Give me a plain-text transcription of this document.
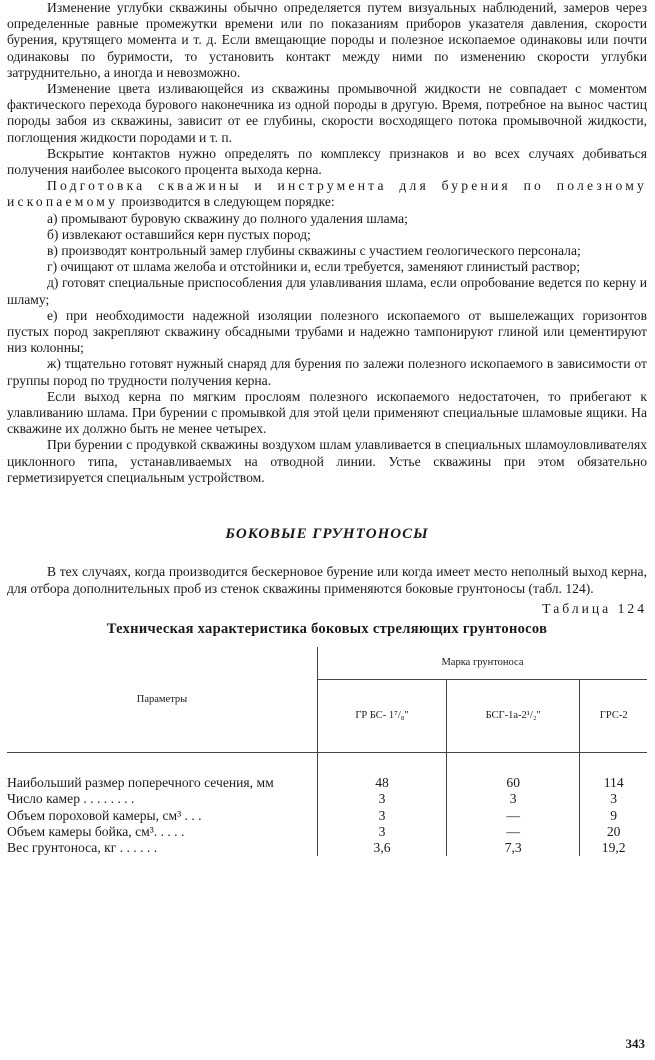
Изменение углубки скважины обычно определяется путем визуальных наблюдений, замеров через определенные равные промежутки времени или по показаниям приборов указателя давления, скорости бурения, крутящего момента и т. д. Если вмещающие породы и полезное ископаемое одинаковы или почти одинаковы по буримости, то установить контакт между ними по изменению скорости углубки затруднительно, а иногда и невозможно.

Изменение цвета изливающейся из скважины промывочной жидкости не совпадает с моментом фактического перехода бурового наконечника из одной породы в другую. Время, потребное на вынос частиц породы забоя из скважины, зависит от ее глубины, скорости восходящего потока промывочной жидкости, поглощения жидкости породами и т. п.

Вскрытие контактов нужно определять по комплексу признаков и во всех случаях добиваться получения наиболее высокого процента выхода керна.

Подготовка скважины и инструмента для бурения по полезному ископаемому производится в следующем порядке:

а) промывают буровую скважину до полного удаления шлама;
б) извлекают оставшийся керн пустых пород;
в) производят контрольный замер глубины скважины с участием геологического персонала;
г) очищают от шлама желоба и отстойники и, если требуется, заменяют глинистый раствор;
д) готовят специальные приспособления для улавливания шлама, если опробование ведется по керну и шламу;
е) при необходимости надежной изоляции полезного ископаемого от вышележащих горизонтов пустых пород закрепляют скважину обсадными трубами и надежно тампонируют глиной или цементируют низ колонны;
ж) тщательно готовят нужный снаряд для бурения по залежи полезного ископаемого в зависимости от группы пород по трудности получения керна.

Если выход керна по мягким прослоям полезного ископаемого недостаточен, то прибегают к улавливанию шлама. При бурении с промывкой для этой цели применяют специальные шламовые ящики. На скважине их должно быть не менее четырех.

При бурении с продувкой скважины воздухом шлам улавливается в специальных шламоуловливателях циклонного типа, устанавливаемых на отводной линии. Устье скважины при этом обязательно герметизируется специальным устройством.

БОКОВЫЕ ГРУНТОНОСЫ

В тех случаях, когда производится бескерновое бурение или когда имеет место неполный выход керна, для отбора дополнительных проб из стенок скважины применяются боковые грунтоносы (табл. 124).

Таблица 124
Техническая характеристика боковых стреляющих грунтоносов
Параметры	Марка грунтоноса		
	ГР БС- 1⁷/₈"	БСГ-1а-2¹/₂"	ГРС-2
Наибольший размер поперечного сечения, мм	48	60	114
Число камер . . . . . . . .	3	3	3
Объем пороховой камеры, см³ . . .	3	—	9
Объем камеры бойка, см³. . . . .	3	—	20
Вес грунтоноса, кг . . . . . .	3,6	7,3	19,2
343
